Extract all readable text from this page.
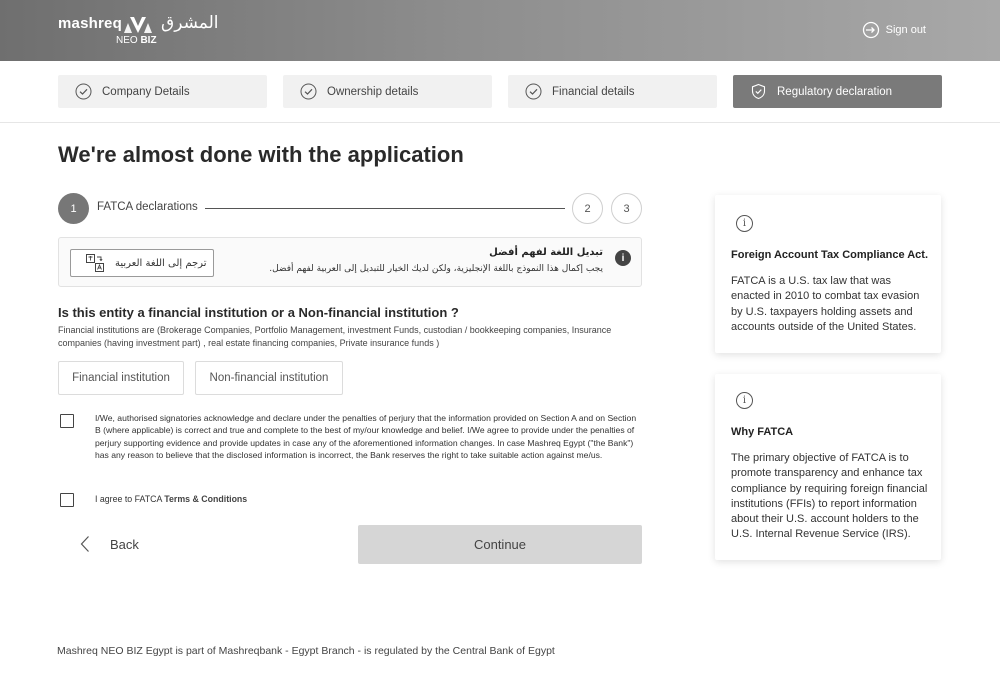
mashreq المشرق
NEO BIZ
Sign out
Company Details	Ownership details	Financial details	Regulatory declaration
We're almost done with the application
1	FATCA declarations	2	3
ترجم إلى اللغة العربية	i
تبديل اللغة لفهم أفضل
يجب إكمال هذا النموذج باللغة الإنجليزية، ولكن لديك الخيار للتبديل إلى العربية لفهم أفضل.
Is this entity a financial institution or a Non-financial institution ?

Financial institutions are (Brokerage Companies, Portfolio Management, investment Funds, custodian / bookkeeping companies, Insurance companies (having investment part) , real estate financing companies, Private insurance funds )

Financial institution	Non-financial institution

I/We, authorised signatories acknowledge and declare under the penalties of perjury that the information provided on Section A and on Section B (where applicable) is correct and true and complete to the best of my/our knowledge and belief. I/We agree to provide under the penalties of perjury supporting evidence and provide updates in case any of the aforementioned information changes. In case Mashreq Egypt ("the Bank") has any reason to believe that the disclosed information is incorrect, the Bank reserves the right to take suitable action against me/us.

I agree to FATCA Terms & Conditions

Back	Continue
i
Foreign Account Tax Compliance Act.

FATCA is a U.S. tax law that was enacted in 2010 to combat tax evasion by U.S. taxpayers holding assets and accounts outside of the United States.

i
Why FATCA

The primary objective of FATCA is to promote transparency and enhance tax compliance by requiring foreign financial institutions (FFIs) to report information about their U.S. account holders to the U.S. Internal Revenue Service (IRS).

Mashreq NEO BIZ Egypt is part of Mashreqbank - Egypt Branch - is regulated by the Central Bank of Egypt
